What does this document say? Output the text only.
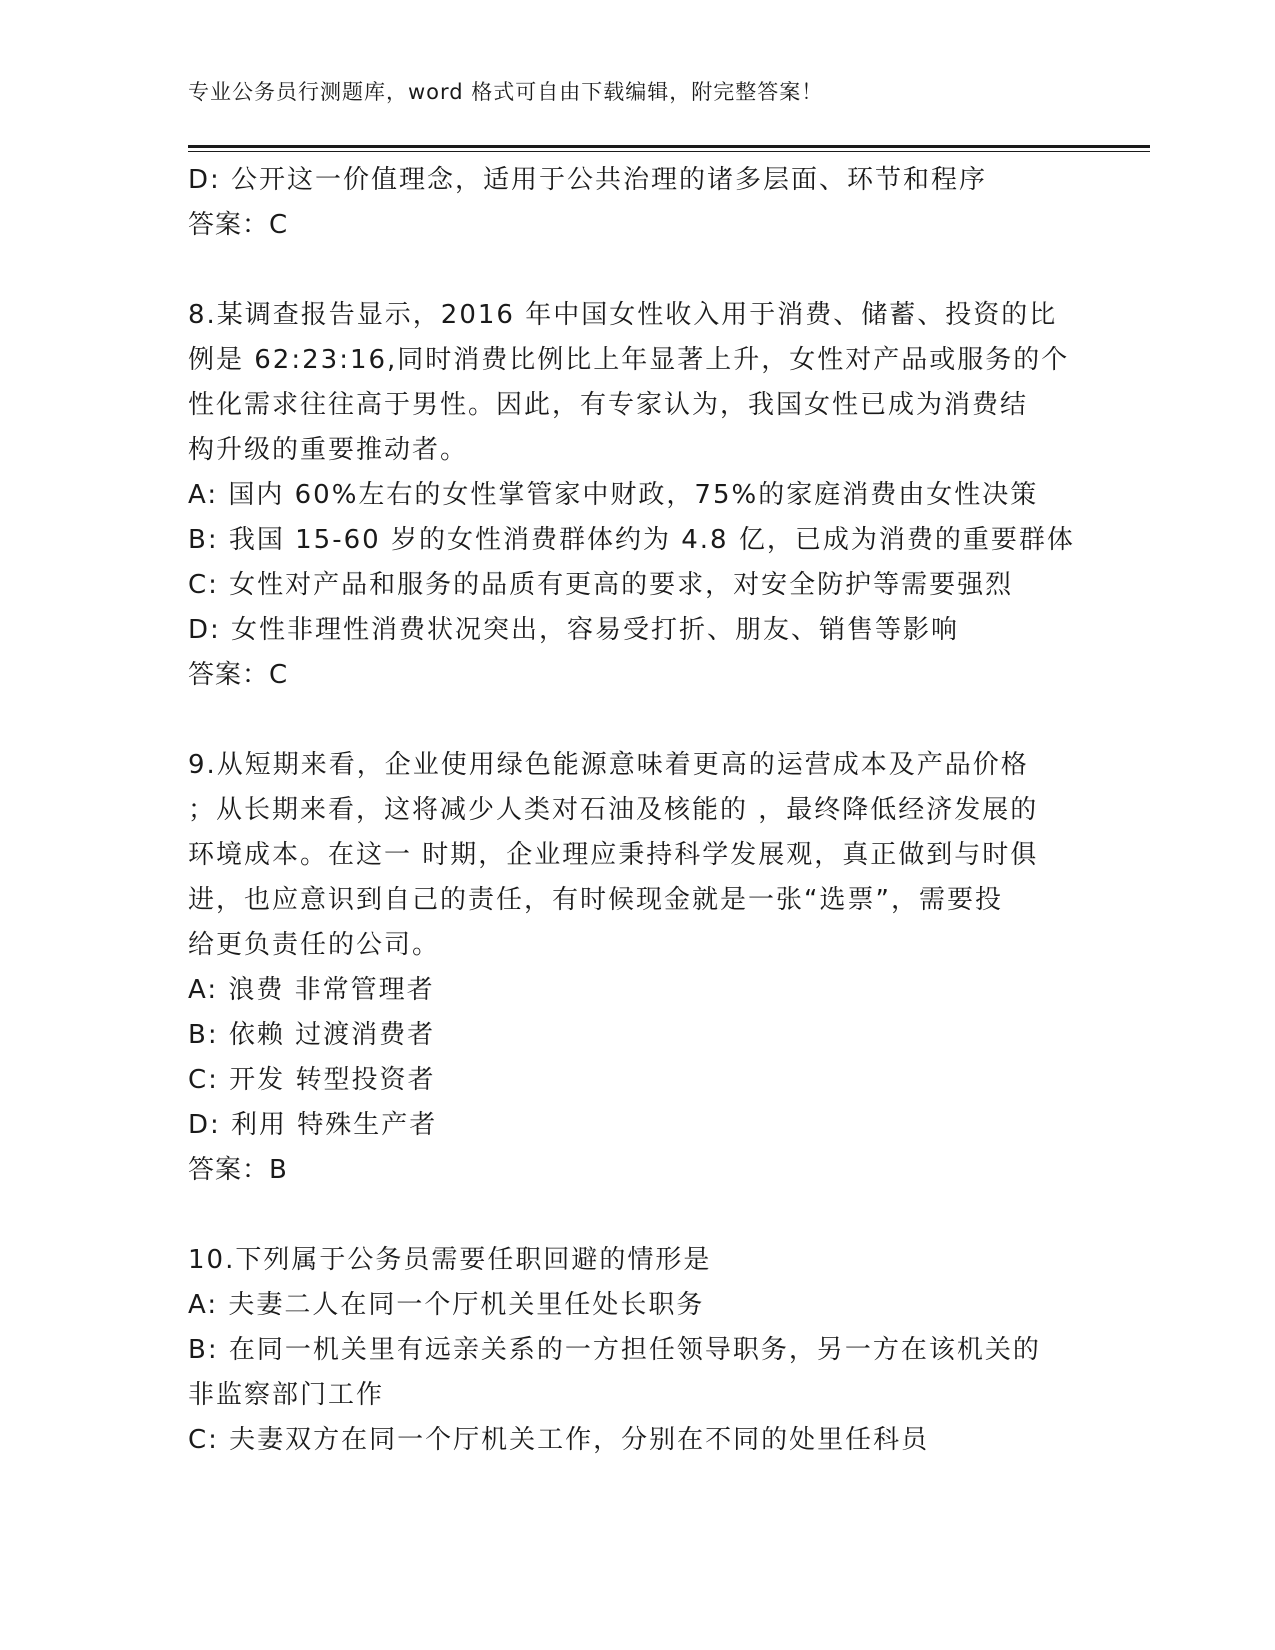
专业公务员行测题库，word 格式可自由下载编辑，附完整答案！
D: 公开这一价值理念，适用于公共治理的诸多层面、环节和程序
答案：C
8.某调查报告显示，2016 年中国女性收入用于消费、储蓄、投资的比
例是 62:23:16,同时消费比例比上年显著上升，女性对产品或服务的个
性化需求往往高于男性。因此，有专家认为，我国女性已成为消费结
构升级的重要推动者。
A: 国内 60%左右的女性掌管家中财政，75%的家庭消费由女性决策
B: 我国 15-60 岁的女性消费群体约为 4.8 亿，已成为消费的重要群体
C: 女性对产品和服务的品质有更高的要求，对安全防护等需要强烈
D: 女性非理性消费状况突出，容易受打折、朋友、销售等影响
答案：C
9.从短期来看，企业使用绿色能源意味着更高的运营成本及产品价格
；从长期来看，这将减少人类对石油及核能的 ，最终降低经济发展的
环境成本。在这一 时期，企业理应秉持科学发展观，真正做到与时俱
进，也应意识到自己的责任，有时候现金就是一张“选票”，需要投
给更负责任的公司。
A: 浪费 非常管理者
B: 依赖 过渡消费者
C: 开发 转型投资者
D: 利用 特殊生产者
答案：B
10.下列属于公务员需要任职回避的情形是
A: 夫妻二人在同一个厅机关里任处长职务
B: 在同一机关里有远亲关系的一方担任领导职务，另一方在该机关的
非监察部门工作
C: 夫妻双方在同一个厅机关工作，分别在不同的处里任科员
